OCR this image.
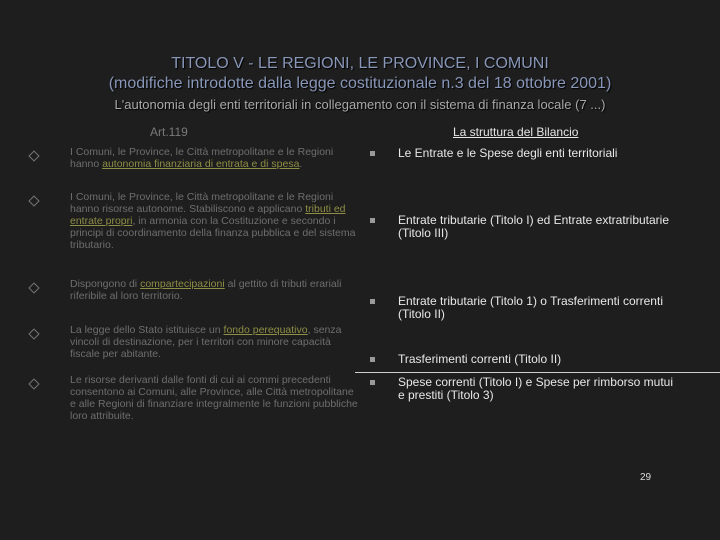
TITOLO V - LE REGIONI, LE PROVINCE, I COMUNI
(modifiche introdotte dalla legge costituzionale n.3 del 18 ottobre 2001)
L'autonomia degli enti territoriali in collegamento con il sistema di finanza locale (7 ...)
Art.119	La struttura del Bilancio
I Comuni, le Province, le Città metropolitane e le Regioni hanno autonomia finanziaria di entrata e di spesa.
I Comuni, le Province, le Città metropolitane e le Regioni hanno risorse autonome. Stabiliscono e applicano tributi ed entrate propri, in armonia con la Costituzione e secondo i principi di coordinamento della finanza pubblica e del sistema tributario.
Dispongono di compartecipazioni al gettito di tributi erariali riferibile al loro territorio.
La legge dello Stato istituisce un fondo perequativo, senza vincoli di destinazione, per i territori con minore capacità fiscale per abitante.
Le risorse derivanti dalle fonti di cui ai commi precedenti consentono ai Comuni, alle Province, alle Città metropolitane e alle Regioni di finanziare integralmente le funzioni pubbliche loro attribuite.
Le Entrate e le Spese degli enti territoriali
Entrate tributarie (Titolo I) ed Entrate extratributarie (Titolo III)
Entrate tributarie (Titolo 1) o Trasferimenti correnti (Titolo II)
Trasferimenti correnti (Titolo II)
Spese correnti (Titolo I) e Spese per rimborso mutui e prestiti (Titolo 3)
29
